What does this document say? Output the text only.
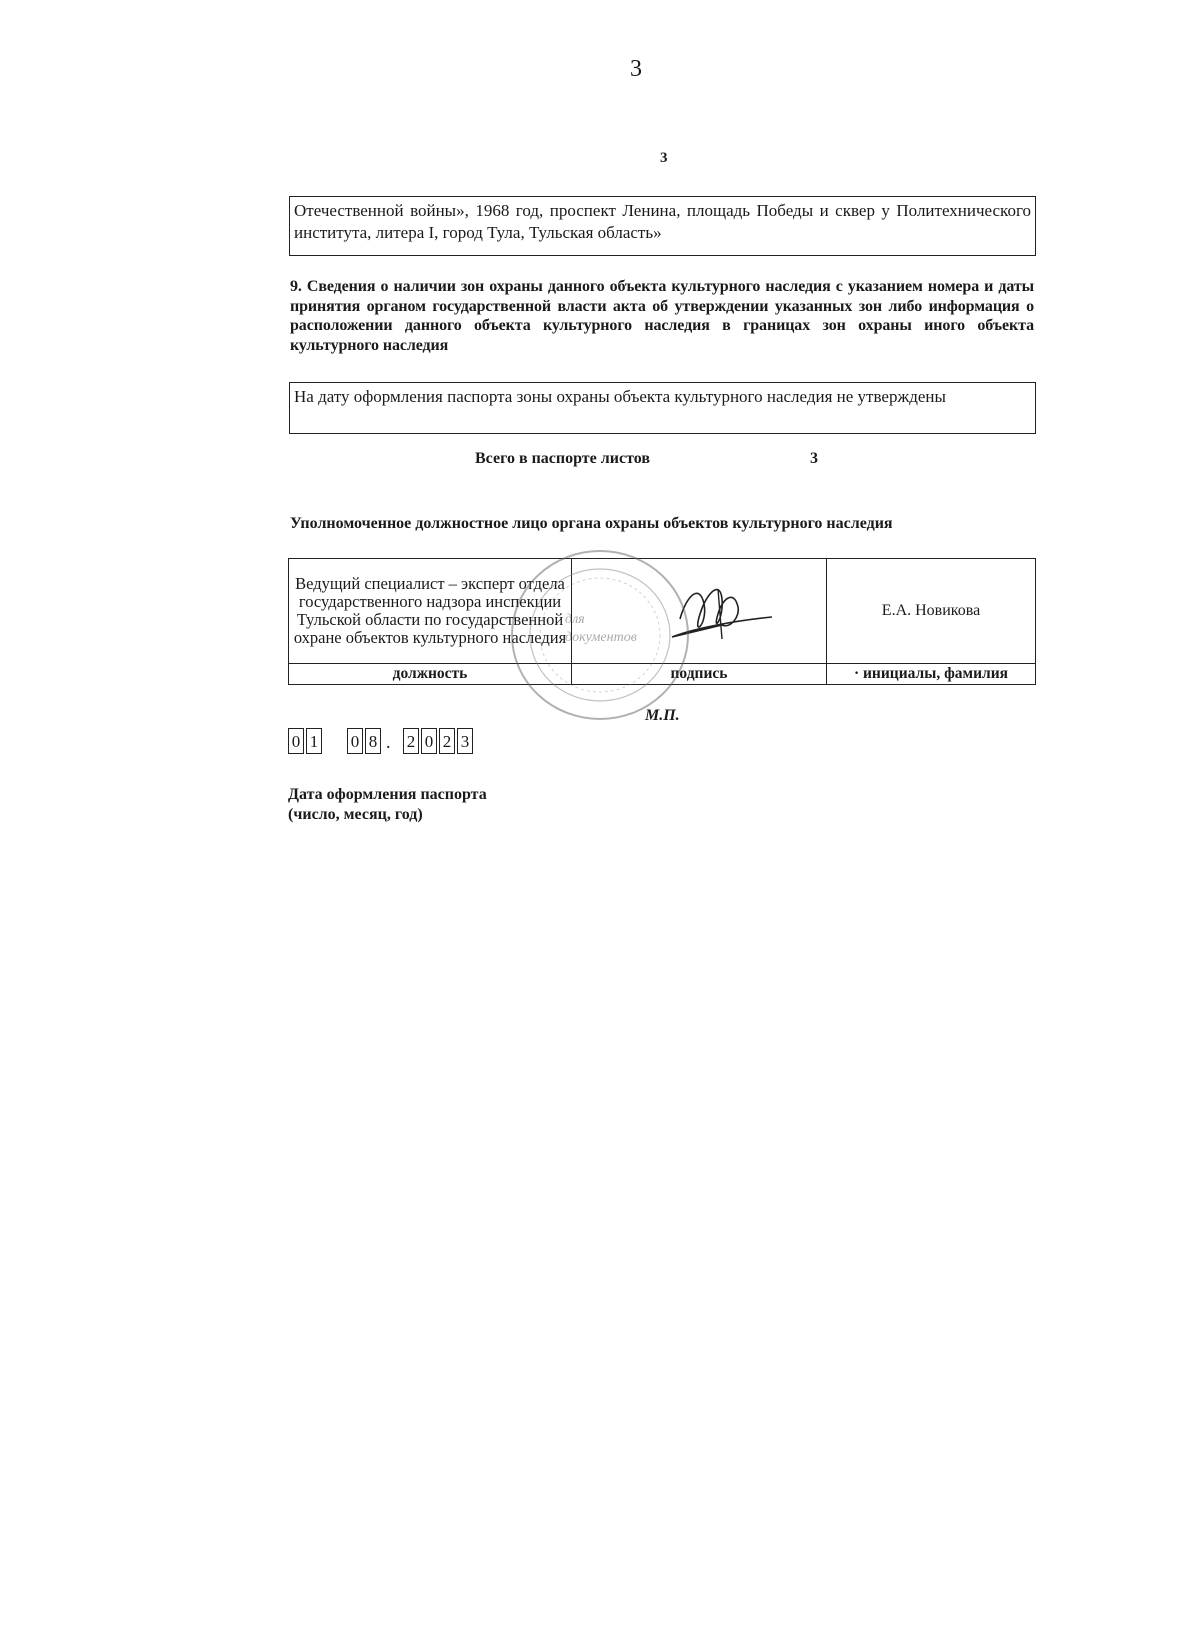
3
3
Отечественной войны», 1968 год, проспект Ленина, площадь Победы и сквер у Политехнического института, литера I, город Тула, Тульская область»
9. Сведения о наличии зон охраны данного объекта культурного наследия с указанием номера и даты принятия органом государственной власти акта об утверждении указанных зон либо информация о расположении данного объекта культурного наследия в границах зон охраны иного объекта культурного наследия
На дату оформления паспорта зоны охраны объекта культурного наследия не утверждены
Всего в паспорте листов	3
Уполномоченное должностное лицо органа охраны объектов культурного наследия
Ведущий специалист – эксперт отдела государственного надзора инспекции Тульской области по государственной охране объектов культурного наследия		Е.А. Новикова
должность	подпись	· инициалы, фамилия
для
документов
М.П.
0 1 0 8 . 2 0 2 3
Дата оформления паспорта
(число, месяц, год)
